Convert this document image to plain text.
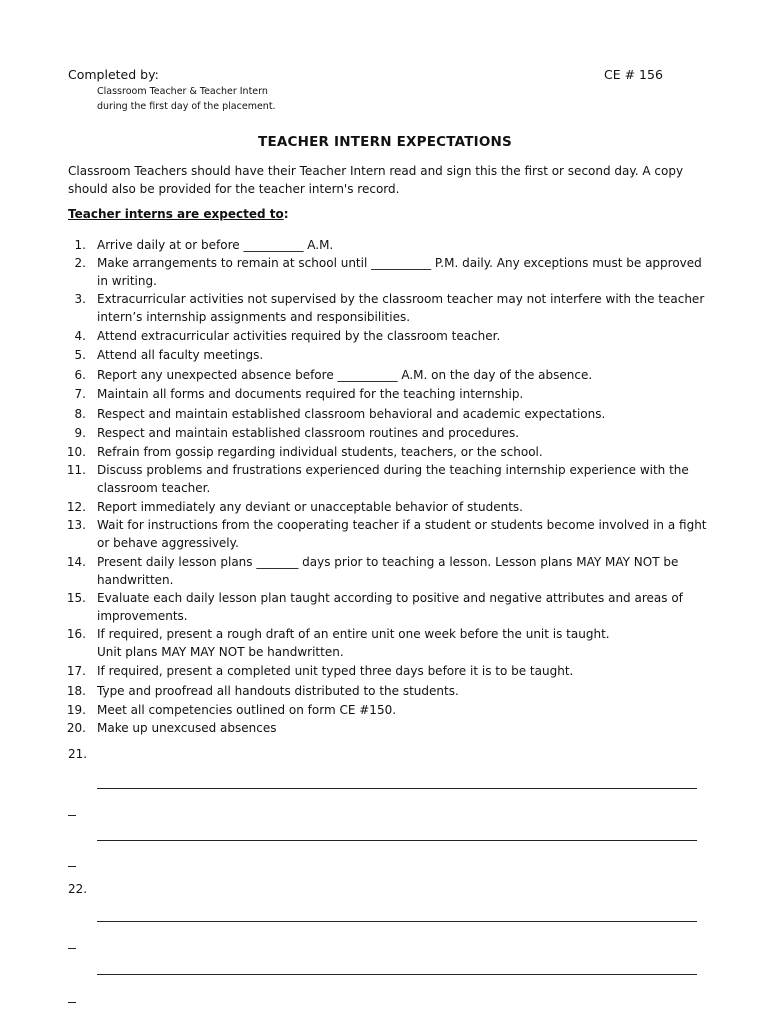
Completed by:	CE # 156
Classroom Teacher & Teacher Intern
during the first day of the placement.
TEACHER INTERN EXPECTATIONS
Classroom Teachers should have their Teacher Intern read and sign this the first or second day. A copy should also be provided for the teacher intern's record.
Teacher interns are expected to:
1. Arrive daily at or before __________ A.M.
2. Make arrangements to remain at school until __________ P.M. daily. Any exceptions must be approved in writing.
3. Extracurricular activities not supervised by the classroom teacher may not interfere with the teacher intern’s internship assignments and responsibilities.
4. Attend extracurricular activities required by the classroom teacher.
5. Attend all faculty meetings.
6. Report any unexpected absence before __________ A.M. on the day of the absence.
7. Maintain all forms and documents required for the teaching internship.
8. Respect and maintain established classroom behavioral and academic expectations.
9. Respect and maintain established classroom routines and procedures.
10. Refrain from gossip regarding individual students, teachers, or the school.
11. Discuss problems and frustrations experienced during the teaching internship experience with the classroom teacher.
12. Report immediately any deviant or unacceptable behavior of students.
13. Wait for instructions from the cooperating teacher if a student or students become involved in a fight or behave aggressively.
14. Present daily lesson plans _______ days prior to teaching a lesson. Lesson plans MAY MAY NOT be handwritten.
15. Evaluate each daily lesson plan taught according to positive and negative attributes and areas of improvements.
16. If required, present a rough draft of an entire unit one week before the unit is taught.
Unit plans MAY MAY NOT be handwritten.
17. If required, present a completed unit typed three days before it is to be taught.
18. Type and proofread all handouts distributed to the students.
19. Meet all competencies outlined on form CE #150.
20. Make up unexcused absences
21.
22.
